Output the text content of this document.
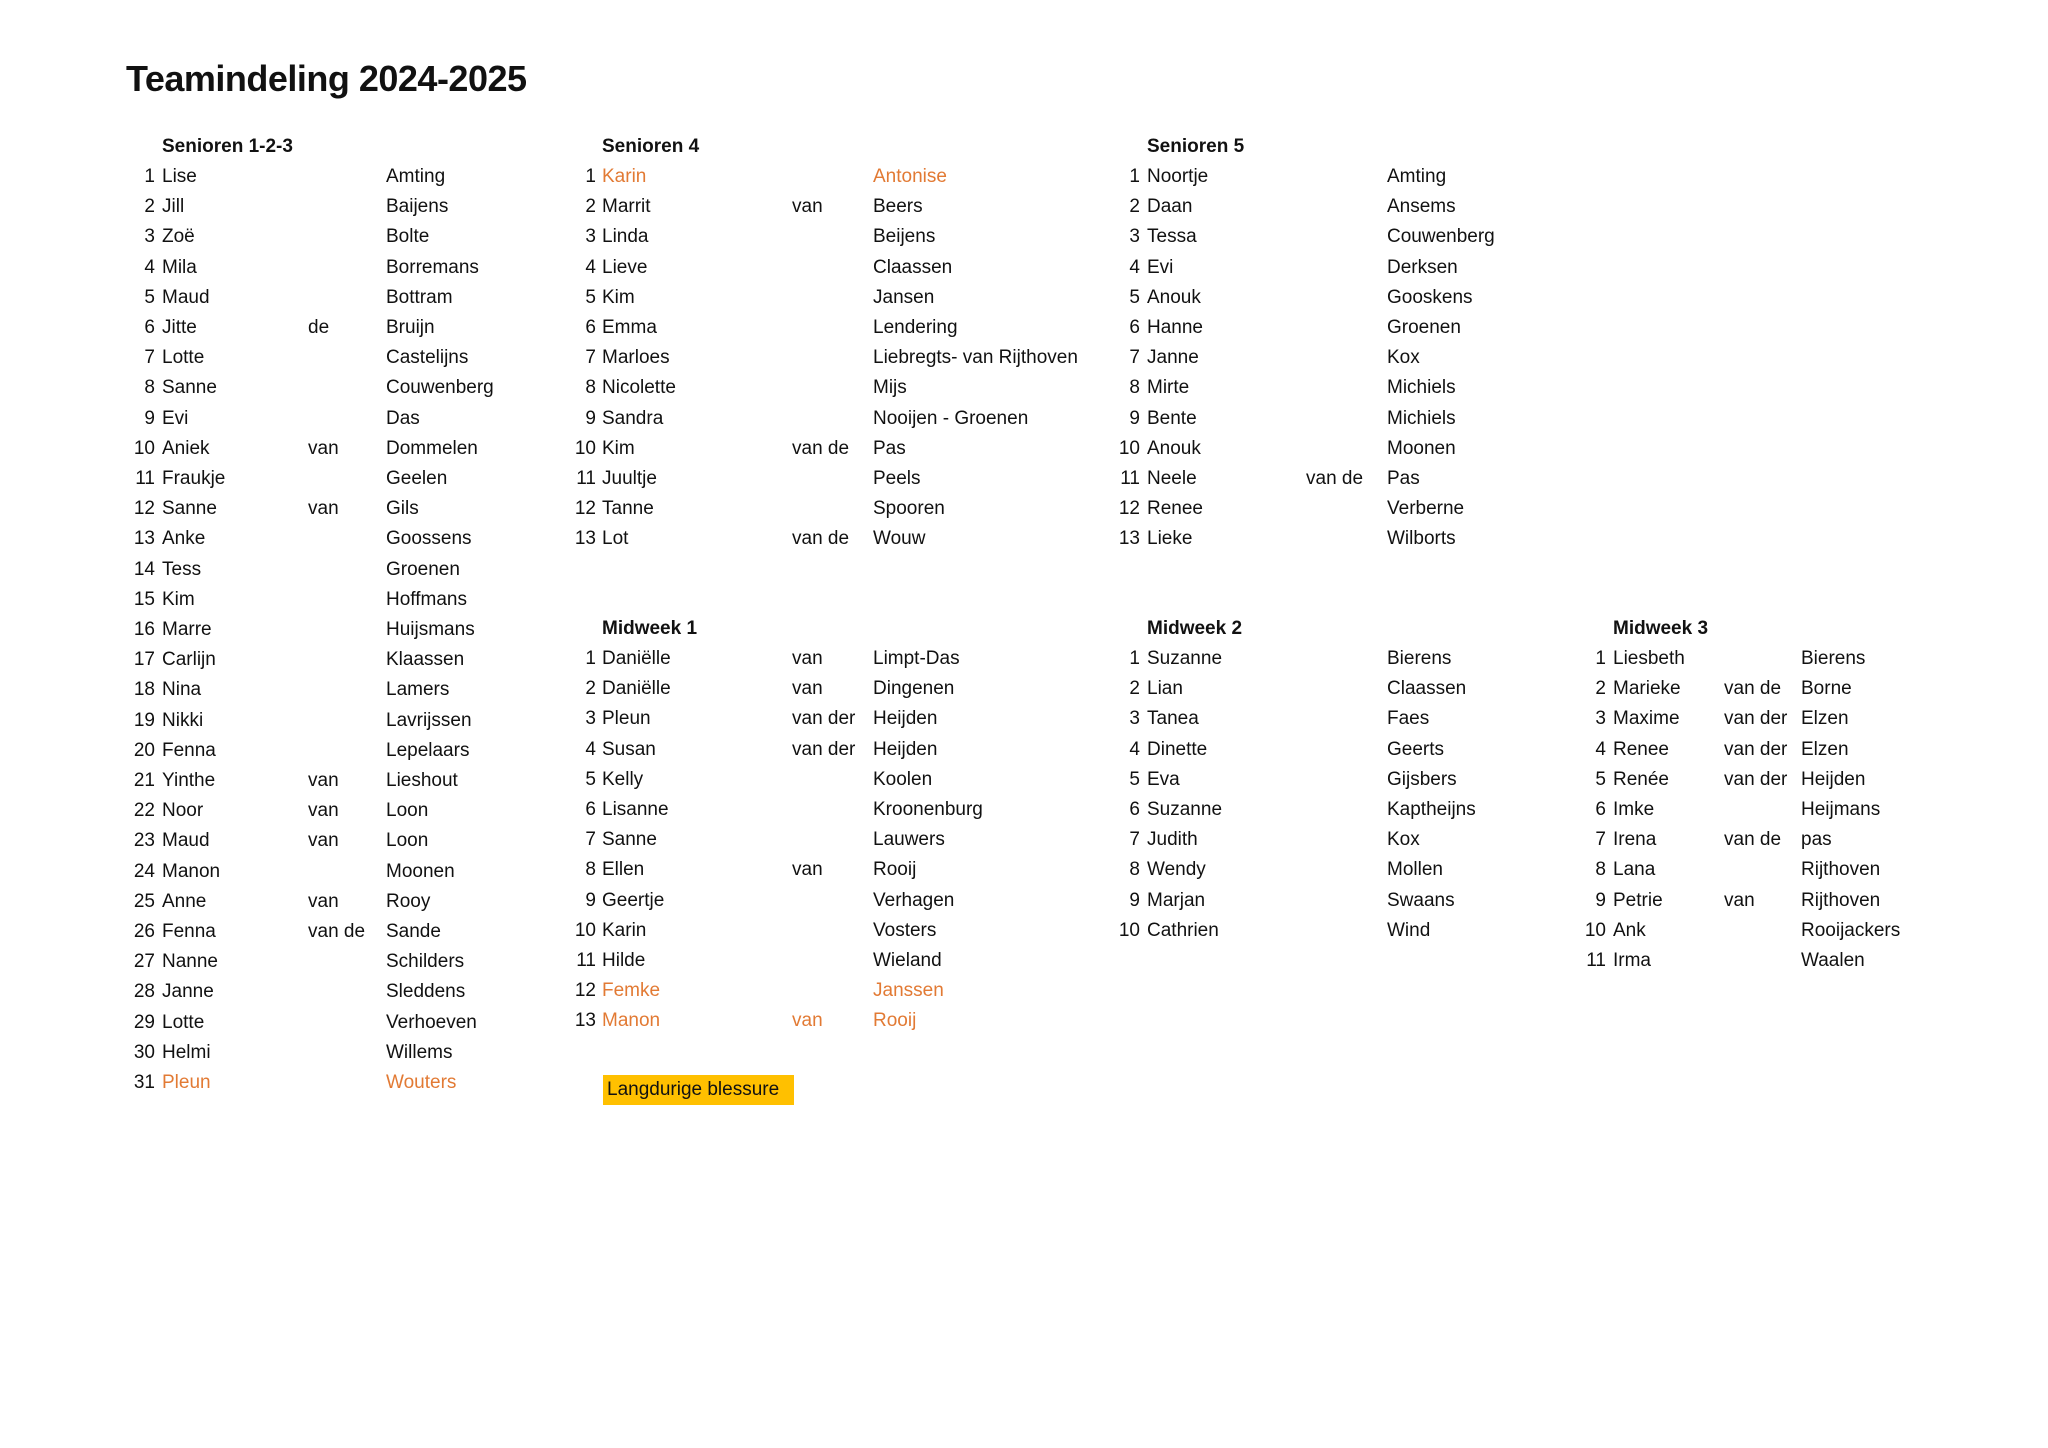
Teamindeling 2024-2025
Senioren 1-2-3
1 Lise	Amting
2 Jill	Baijens
3 Zoë	Bolte
4 Mila	Borremans
5 Maud	Bottram
6 Jitte	de	Bruijn
7 Lotte	Castelijns
8 Sanne	Couwenberg
9 Evi	Das
10 Aniek	van Dommelen
11 Fraukje	Geelen
12 Sanne	van Gils
13 Anke	Goossens
14 Tess	Groenen
15 Kim	Hoffmans
16 Marre	Huijsmans
17 Carlijn	Klaassen
18 Nina	Lamers
19 Nikki	Lavrijssen
20 Fenna	Lepelaars
21 Yinthe	van Lieshout
22 Noor	van Loon
23 Maud	van Loon
24 Manon	Moonen
25 Anne	van Rooy
26 Fenna	van de Sande
27 Nanne	Schilders
28 Janne	Sleddens
29 Lotte	Verhoeven
30 Helmi	Willems
31 Pleun	Wouters
Senioren 4
1 Karin	Antonise
2 Marrit	van	Beers
3 Linda	Beijens
4 Lieve	Claassen
5 Kim	Jansen
6 Emma	Lendering
7 Marloes	Liebregts- van Rijthoven
8 Nicolette	Mijs
9 Sandra	Nooijen - Groenen
10 Kim	van de Pas
11 Juultje	Peels
12 Tanne	Spooren
13 Lot	van de Wouw
Senioren 5
1 Noortje	Amting
2 Daan	Ansems
3 Tessa	Couwenberg
4 Evi	Derksen
5 Anouk	Gooskens
6 Hanne	Groenen
7 Janne	Kox
8 Mirte	Michiels
9 Bente	Michiels
10 Anouk	Moonen
11 Neele	van de Pas
12 Renee	Verberne
13 Lieke	Wilborts
Midweek 1
1 Daniëlle	van	Limpt-Das
2 Daniëlle	van	Dingenen
3 Pleun	van der Heijden
4 Susan	van der Heijden
5 Kelly	Koolen
6 Lisanne	Kroonenburg
7 Sanne	Lauwers
8 Ellen	van	Rooij
9 Geertje	Verhagen
10 Karin	Vosters
11 Hilde	Wieland
12 Femke	Janssen
13 Manon	van	Rooij
Midweek 2
1 Suzanne	Bierens
2 Lian	Claassen
3 Tanea	Faes
4 Dinette	Geerts
5 Eva	Gijsbers
6 Suzanne	Kaptheijns
7 Judith	Kox
8 Wendy	Mollen
9 Marjan	Swaans
10 Cathrien	Wind
Midweek 3
1 Liesbeth	Bierens
2 Marieke van de Borne
3 Maxime van der Elzen
4 Renee	van der Elzen
5 Renée	van der Heijden
6 Imke	Heijmans
7 Irena	van de pas
8 Lana	Rijthoven
9 Petrie	van Rijthoven
10 Ank	Rooijackers
11 Irma	Waalen
Langdurige blessure
